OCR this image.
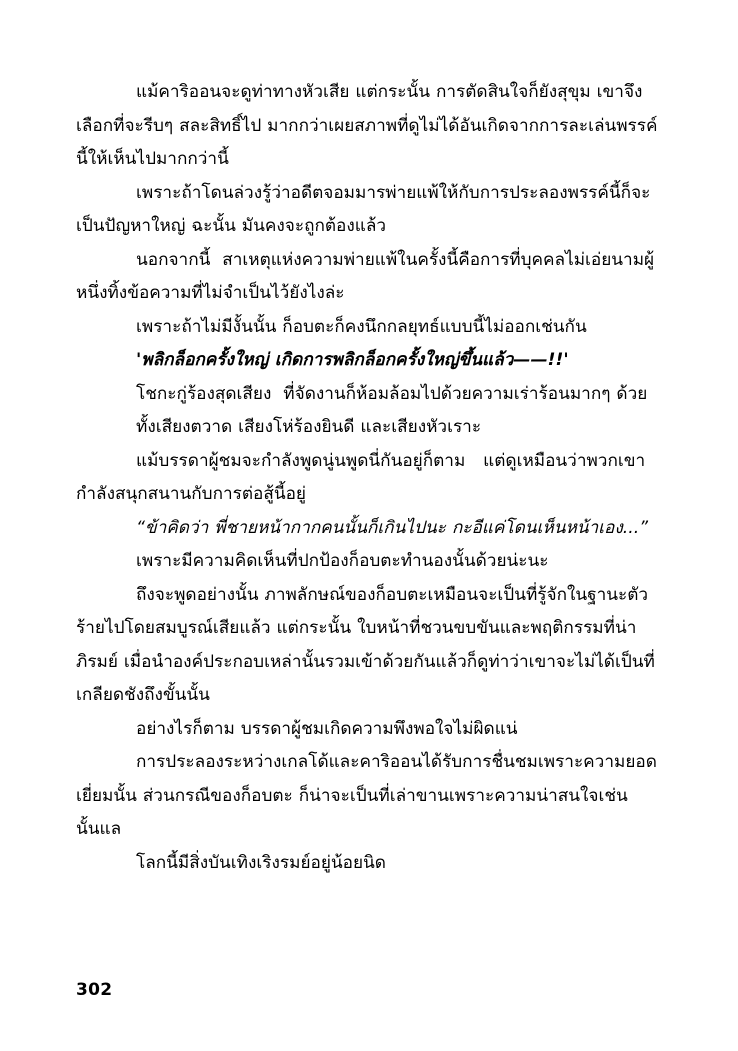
แม้คาริออนจะดูท่าทางหัวเสีย แต่กระนั้น การตัดสินใจก็ยังสุขุม เขาจึงเลือกที่จะรีบๆ สละสิทธิ์ไป มากกว่าเผยสภาพที่ดูไม่ได้อันเกิดจากการละเล่นพรรค์นี้ให้เห็นไปมากกว่านี้

เพราะถ้าโดนล่วงรู้ว่าอดีตจอมมารพ่ายแพ้ให้กับการประลองพรรค์นี้ก็จะเป็นปัญหาใหญ่ ฉะนั้น มันคงจะถูกต้องแล้ว

นอกจากนี้  สาเหตุแห่งความพ่ายแพ้ในครั้งนี้คือการที่บุคคลไม่เอ่ยนามผู้หนึ่งทิ้งข้อความที่ไม่จำเป็นไว้ยังไงล่ะ

เพราะถ้าไม่มีงั้นนั้น ก็อบตะก็คงนึกกลยุทธ์แบบนี้ไม่ออกเช่นกัน

'พลิกล็อกครั้งใหญ่ เกิดการพลิกล็อกครั้งใหญ่ขึ้นแล้ว——!!'

โชกะกู่ร้องสุดเสียง  ที่จัดงานก็ห้อมล้อมไปด้วยความเร่าร้อนมากๆ ด้วย

ทั้งเสียงตวาด เสียงโห่ร้องยินดี และเสียงหัวเราะ

แม้บรรดาผู้ชมจะกำลังพูดนู่นพูดนี่กันอยู่ก็ตาม   แต่ดูเหมือนว่าพวกเขากำลังสนุกสนานกับการต่อสู้นี้อยู่

“ข้าคิดว่า พี่ชายหน้ากากคนนั้นก็เกินไปนะ กะอีแค่โดนเห็นหน้าเอง...”

เพราะมีความคิดเห็นที่ปกป้องก็อบตะทำนองนั้นด้วยน่ะนะ

ถึงจะพูดอย่างนั้น ภาพลักษณ์ของก็อบตะเหมือนจะเป็นที่รู้จักในฐานะตัวร้ายไปโดยสมบูรณ์เสียแล้ว แต่กระนั้น ใบหน้าที่ชวนขบขันและพฤติกรรมที่น่าภิรมย์ เมื่อนำองค์ประกอบเหล่านั้นรวมเข้าด้วยกันแล้วก็ดูท่าว่าเขาจะไม่ได้เป็นที่เกลียดชังถึงขั้นนั้น

อย่างไรก็ตาม บรรดาผู้ชมเกิดความพึงพอใจไม่ผิดแน่

การประลองระหว่างเกลโด้และคาริออนได้รับการชื่นชมเพราะความยอดเยี่ยมนั้น ส่วนกรณีของก็อบตะ ก็น่าจะเป็นที่เล่าขานเพราะความน่าสนใจเช่นนั้นแล

โลกนี้มีสิ่งบันเทิงเริงรมย์อยู่น้อยนิด

302
